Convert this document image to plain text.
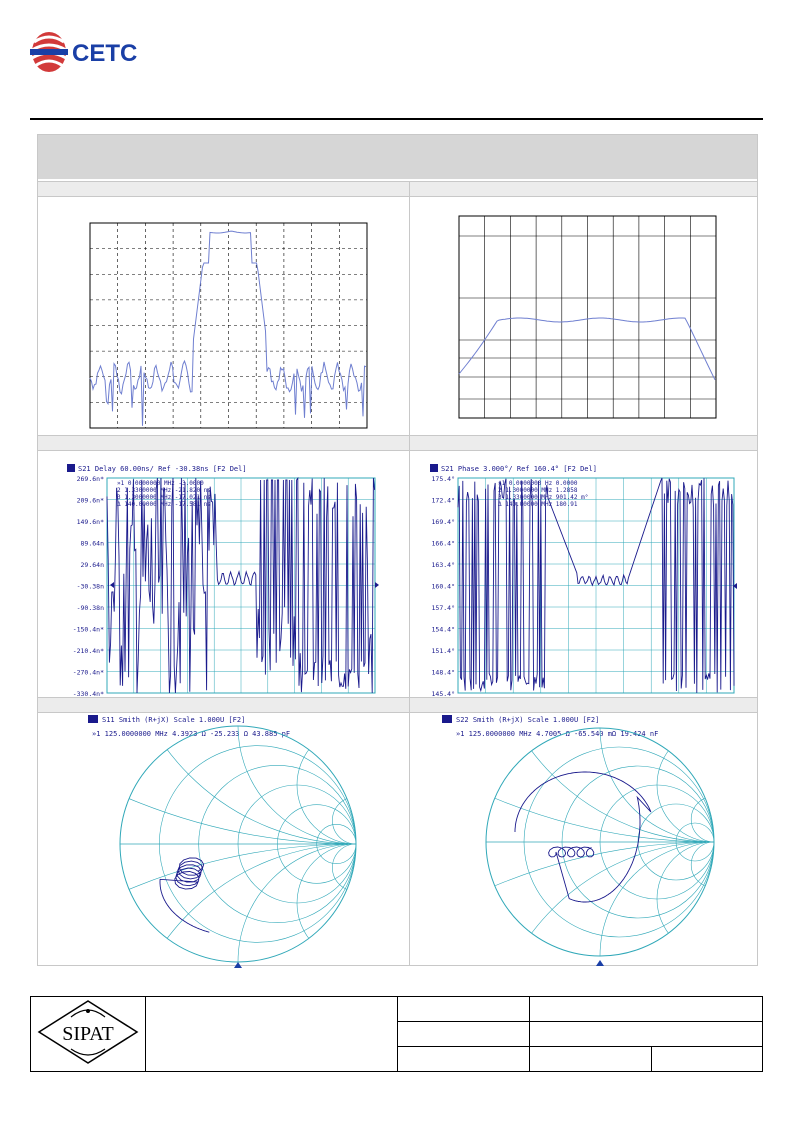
CETC
S21 Delay 60.00ns/ Ref -30.38ns [F2 Del]
269.6n*
209.6n*
149.6n*
89.64n
29.64n
-30.38n
-90.38n
-150.4n*
-210.4n*
-270.4n*
-330.4n*
»1 0.0000000 MHz -3.0000
2 1.3300000 MHz -21.820 ns
3 1.3000000 MHz -17.021 ns
Δ 140.00000 MHz -17.581 ns
S21 Phase 3.000°/ Ref 160.4° [F2 Del]
175.4°
172.4°
169.4°
166.4°
163.4°
160.4°
157.4°
154.4°
151.4°
148.4°
145.4°
»1 0.0000000 Hz 0.0000
2 1.3000000 MHz 1.2858
3 1.3300000 MHz 901.42 m°
Δ 140.00000 MHz 180.91
S11 Smith (R+jX) Scale 1.000U [F2]
»1 125.0000000 MHz 4.3923 Ω -25.233 Ω 43.885 pF
S22 Smith (R+jX) Scale 1.000U [F2]
»1 125.0000000 MHz 4.7005 Ω -65.540 mΩ 19.424 nF
SIPAT				
